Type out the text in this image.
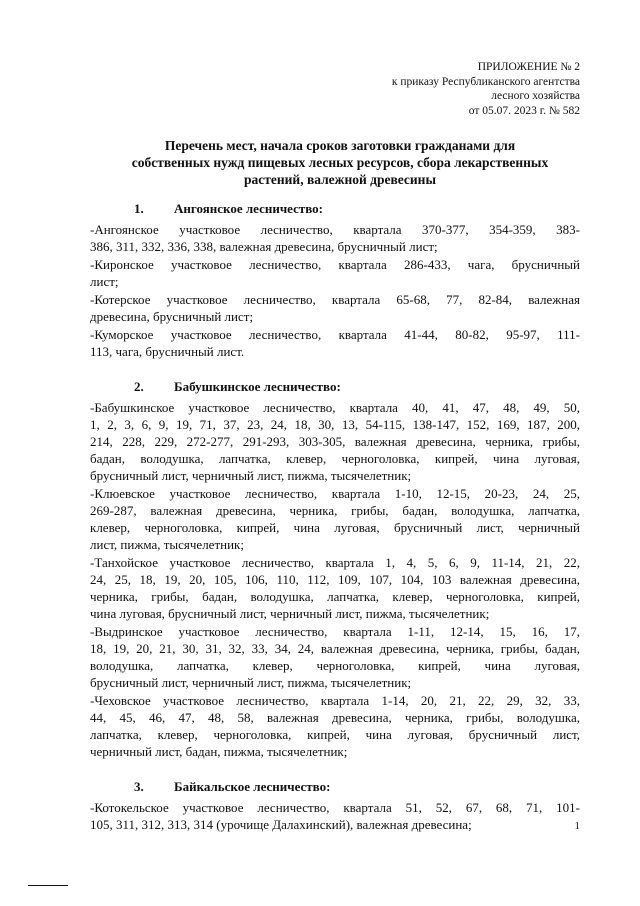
ПРИЛОЖЕНИЕ № 2
к приказу Республиканского агентства
лесного хозяйства
от 05.07. 2023 г. № 582
Перечень мест, начала сроков заготовки гражданами для
собственных нужд пищевых лесных ресурсов, сбора лекарственных
растений, валежной древесины
1. Ангоянское лесничество:
-Ангоянское участковое лесничество, квартала 370-377, 354-359, 383-
386, 311, 332, 336, 338, валежная древесина, брусничный лист;
-Киронское участковое лесничество, квартала 286-433, чага, брусничный
лист;
-Котерское участковое лесничество, квартала 65-68, 77, 82-84, валежная
древесина, брусничный лист;
-Куморское участковое лесничество, квартала 41-44, 80-82, 95-97, 111-
113, чага, брусничный лист.
2. Бабушкинское лесничество:
-Бабушкинское участковое лесничество, квартала 40, 41, 47, 48, 49, 50,
1, 2, 3, 6, 9, 19, 71, 37, 23, 24, 18, 30, 13, 54-115, 138-147, 152, 169, 187, 200,
214, 228, 229, 272-277, 291-293, 303-305, валежная древесина, черника, грибы,
бадан, володушка, лапчатка, клевер, черноголовка, кипрей, чина луговая,
брусничный лист, черничный лист, пижма, тысячелетник;
-Клюевское участковое лесничество, квартала 1-10, 12-15, 20-23, 24, 25,
269-287, валежная древесина, черника, грибы, бадан, володушка, лапчатка,
клевер, черноголовка, кипрей, чина луговая, брусничный лист, черничный
лист, пижма, тысячелетник;
-Танхойское участковое лесничество, квартала 1, 4, 5, 6, 9, 11-14, 21, 22,
24, 25, 18, 19, 20, 105, 106, 110, 112, 109, 107, 104, 103 валежная древесина,
черника, грибы, бадан, володушка, лапчатка, клевер, черноголовка, кипрей,
чина луговая, брусничный лист, черничный лист, пижма, тысячелетник;
-Выдринское участковое лесничество, квартала 1-11, 12-14, 15, 16, 17,
18, 19, 20, 21, 30, 31, 32, 33, 34, 24, валежная древесина, черника, грибы, бадан,
володушка, лапчатка, клевер, черноголовка, кипрей, чина луговая,
брусничный лист, черничный лист, пижма, тысячелетник;
-Чеховское участковое лесничество, квартала 1-14, 20, 21, 22, 29, 32, 33,
44, 45, 46, 47, 48, 58, валежная древесина, черника, грибы, володушка,
лапчатка, клевер, черноголовка, кипрей, чина луговая, брусничный лист,
черничный лист, бадан, пижма, тысячелетник;
3. Байкальское лесничество:
-Котокельское участковое лесничество, квартала 51, 52, 67, 68, 71, 101-
105, 311, 312, 313, 314 (урочище Далахинский), валежная древесина;	1
